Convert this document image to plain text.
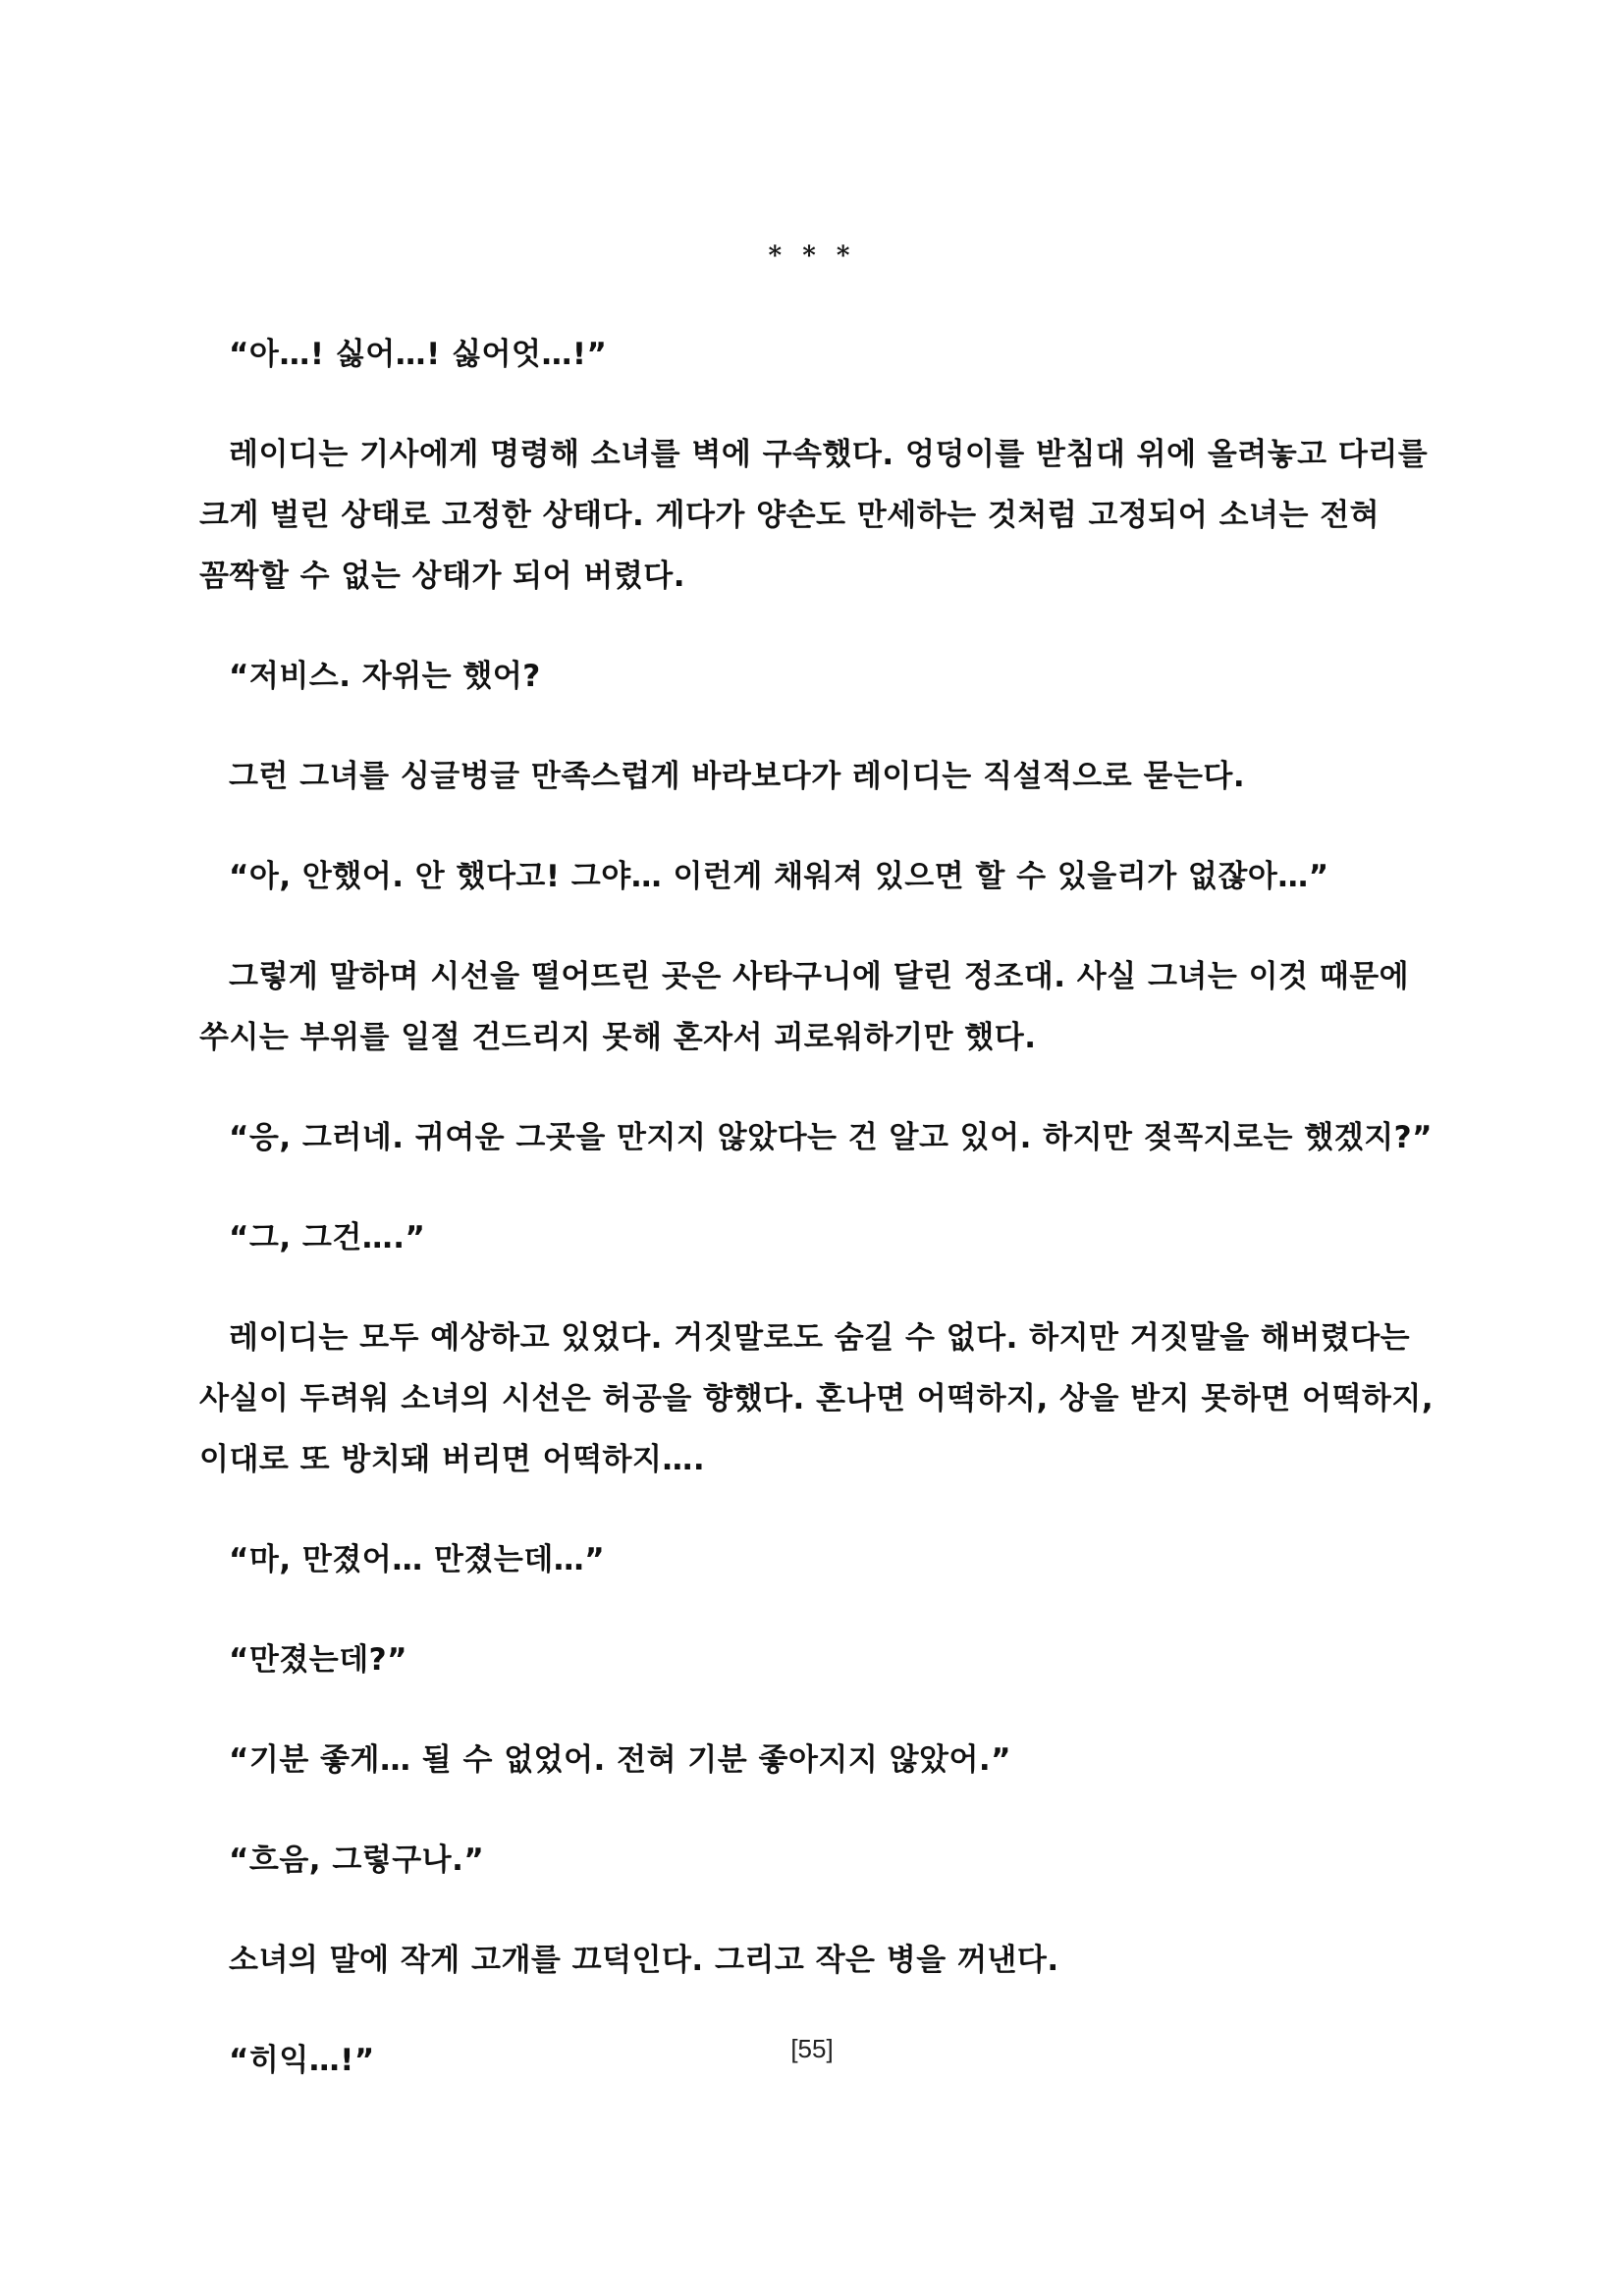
* * *

“아…! 싫어…! 싫어엇…!”

레이디는 기사에게 명령해 소녀를 벽에 구속했다. 엉덩이를 받침대 위에 올려놓고 다리를 크게 벌린 상태로 고정한 상태다. 게다가 양손도 만세하는 것처럼 고정되어 소녀는 전혀 꼼짝할 수 없는 상태가 되어 버렸다.

“저비스. 자위는 했어?

그런 그녀를 싱글벙글 만족스럽게 바라보다가 레이디는 직설적으로 묻는다.

“아, 안했어. 안 했다고! 그야… 이런게 채워져 있으면 할 수 있을리가 없잖아…”

그렇게 말하며 시선을 떨어뜨린 곳은 사타구니에 달린 정조대. 사실 그녀는 이것 때문에 쑤시는 부위를 일절 건드리지 못해 혼자서 괴로워하기만 했다.

“응, 그러네. 귀여운 그곳을 만지지 않았다는 건 알고 있어. 하지만 젖꼭지로는 했겠지?”

“그, 그건….”

레이디는 모두 예상하고 있었다. 거짓말로도 숨길 수 없다. 하지만 거짓말을 해버렸다는 사실이 두려워 소녀의 시선은 허공을 향했다. 혼나면 어떡하지, 상을 받지 못하면 어떡하지, 이대로 또 방치돼 버리면 어떡하지….

“마, 만졌어… 만졌는데…”

“만졌는데?”

“기분 좋게… 될 수 없었어. 전혀 기분 좋아지지 않았어.”

“흐음, 그렇구나.”

소녀의 말에 작게 고개를 끄덕인다. 그리고 작은 병을 꺼낸다.

“히익…!”	[55]
